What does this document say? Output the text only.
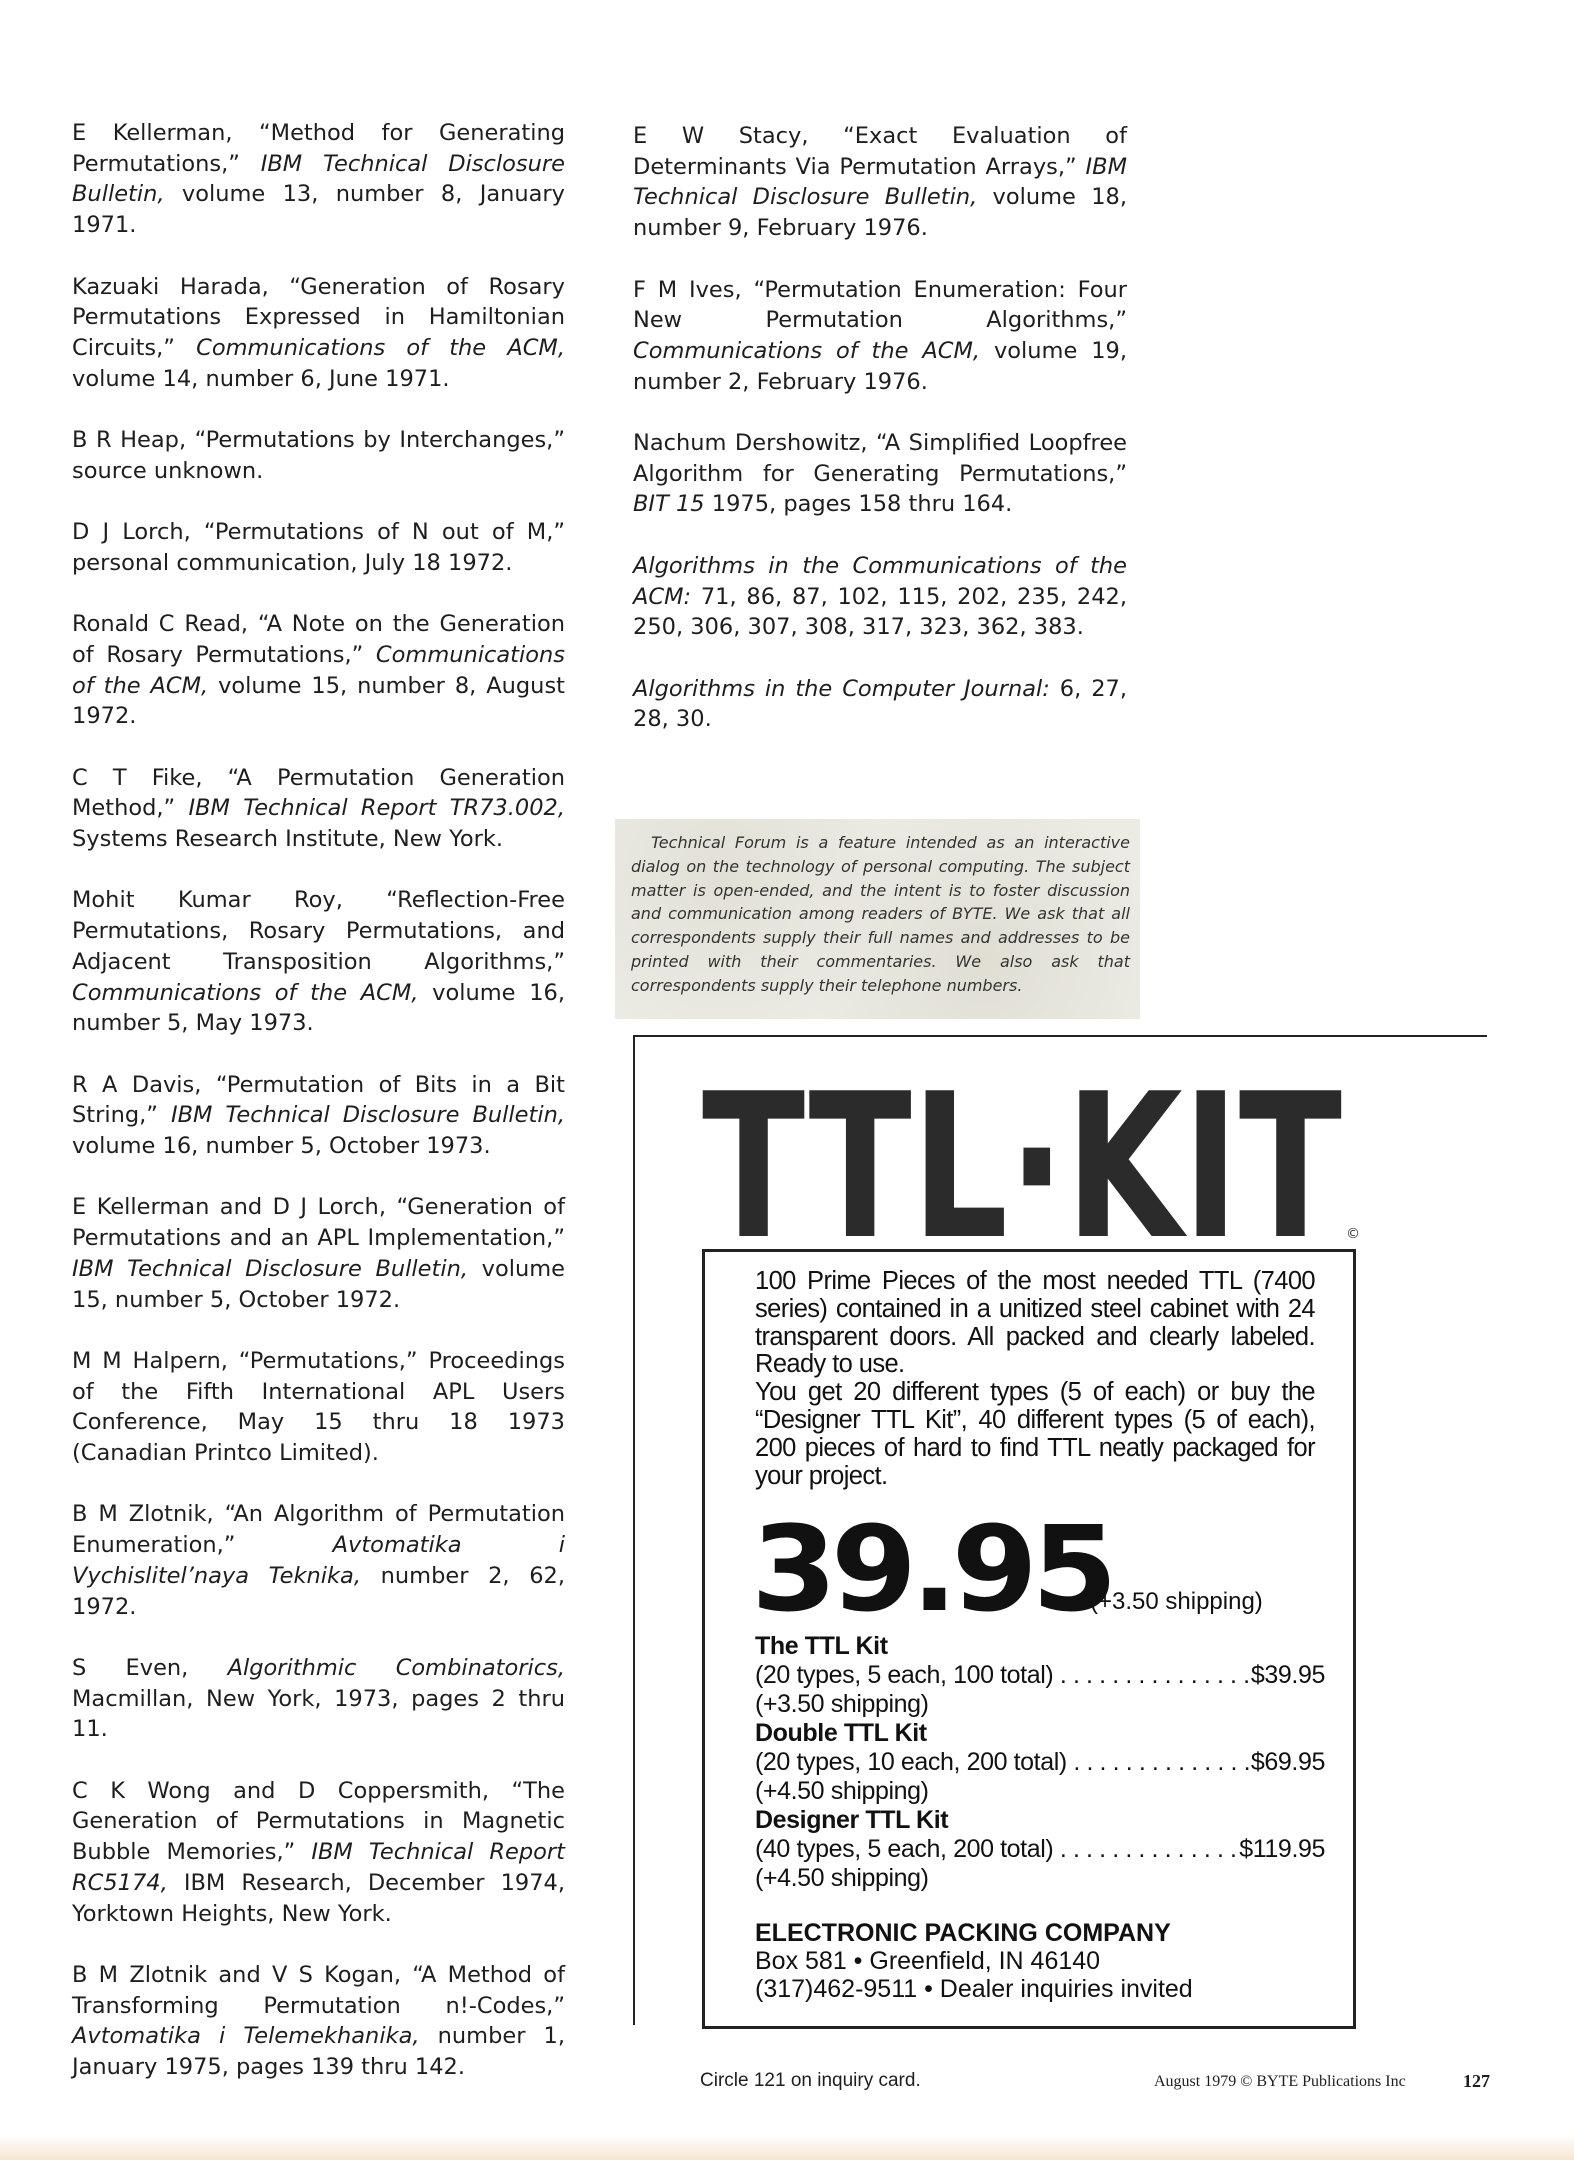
E Kellerman, “Method for Generating Permutations,” IBM Technical Disclosure Bulletin, volume 13, number 8, January 1971.

Kazuaki Harada, “Generation of Rosary Permutations Expressed in Hamiltonian Circuits,” Communications of the ACM, volume 14, number 6, June 1971.

B R Heap, “Permutations by Interchanges,” source unknown.

D J Lorch, “Permutations of N out of M,” personal communication, July 18 1972.

Ronald C Read, “A Note on the Generation of Rosary Permutations,” Communications of the ACM, volume 15, number 8, August 1972.

C T Fike, “A Permutation Generation Method,” IBM Technical Report TR73.002, Systems Research Institute, New York.

Mohit Kumar Roy, “Reflection-Free Permutations, Rosary Permutations, and Adjacent Transposition Algorithms,” Communications of the ACM, volume 16, number 5, May 1973.

R A Davis, “Permutation of Bits in a Bit String,” IBM Technical Disclosure Bulletin, volume 16, number 5, October 1973.

E Kellerman and D J Lorch, “Generation of Permutations and an APL Implementation,” IBM Technical Disclosure Bulletin, volume 15, number 5, October 1972.

M M Halpern, “Permutations,” Proceedings of the Fifth International APL Users Conference, May 15 thru 18 1973 (Canadian Printco Limited).

B M Zlotnik, “An Algorithm of Permutation Enumeration,” Avtomatika i Vychislitel’naya Teknika, number 2, 62, 1972.

S Even, Algorithmic Combinatorics, Macmillan, New York, 1973, pages 2 thru 11.

C K Wong and D Coppersmith, “The Generation of Permutations in Magnetic Bubble Memories,” IBM Technical Report RC5174, IBM Research, December 1974, Yorktown Heights, New York.

B M Zlotnik and V S Kogan, “A Method of Transforming Permutation n!-Codes,” Avtomatika i Telemekhanika, number 1, January 1975, pages 139 thru 142.

E W Stacy, “Exact Evaluation of Determinants Via Permutation Arrays,” IBM Technical Disclosure Bulletin, volume 18, number 9, February 1976.

F M Ives, “Permutation Enumeration: Four New Permutation Algorithms,” Communications of the ACM, volume 19, number 2, February 1976.

Nachum Dershowitz, “A Simplified Loopfree Algorithm for Generating Permutations,” BIT 15 1975, pages 158 thru 164.

Algorithms in the Communications of the ACM: 71, 86, 87, 102, 115, 202, 235, 242, 250, 306, 307, 308, 317, 323, 362, 383.

Algorithms in the Computer Journal: 6, 27, 28, 30.

Technical Forum is a feature intended as an interactive dialog on the technology of personal computing. The subject matter is open-ended, and the intent is to foster discussion and communication among readers of BYTE. We ask that all correspondents supply their full names and addresses to be printed with their commentaries. We also ask that correspondents supply their telephone numbers.

TTL·KIT ©

100 Prime Pieces of the most needed TTL (7400 series) contained in a unitized steel cabinet with 24 transparent doors. All packed and clearly labeled. Ready to use.

You get 20 different types (5 of each) or buy the “Designer TTL Kit”, 40 different types (5 of each), 200 pieces of hard to find TTL neatly packaged for your project.

39.95
(+3.50 shipping)
The TTL Kit
(20 types, 5 each, 100 total) . . .	$39.95
(+3.50 shipping)
Double TTL Kit
(20 types, 10 each, 200 total) . . .	$69.95
(+4.50 shipping)
Designer TTL Kit
(40 types, 5 each, 200 total) . . .	$119.95
(+4.50 shipping)
ELECTRONIC PACKING COMPANY
Box 581 • Greenfield, IN 46140
(317)462-9511 • Dealer inquiries invited
Circle 121 on inquiry card.	August 1979 © BYTE Publications Inc	127
